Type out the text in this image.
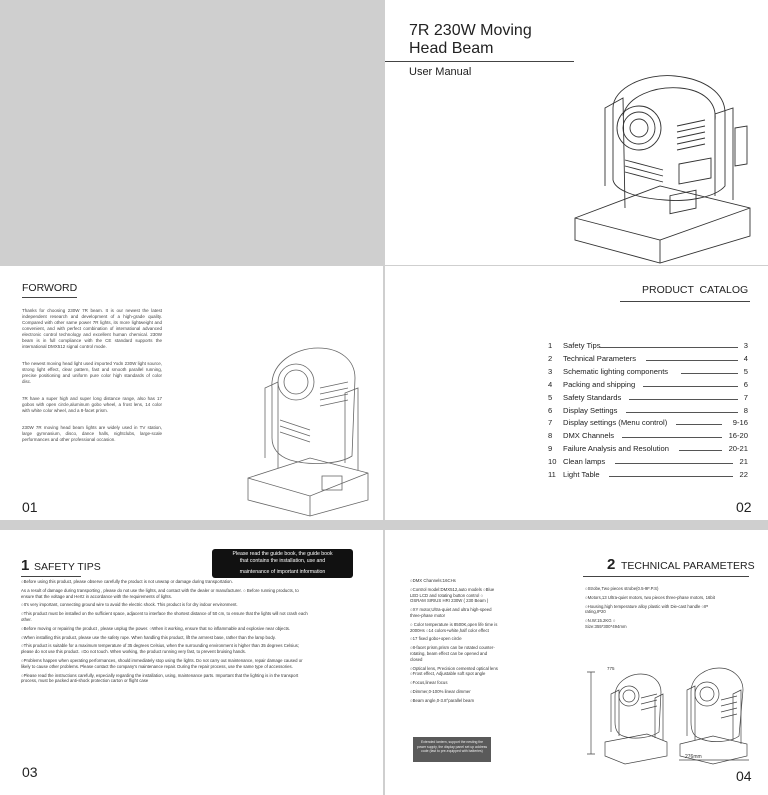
7R 230W Moving
Head Beam
User Manual
FORWORD

Thanks for choosing 230W 7R beam. It is our newest the latest independent research and development of a high-grade quality. Compared with other same power 7R lights, its more lightweight and convenient, and with perfect combination of international advanced electronic control technology and excellent human chemical. 230W beam is in full compliance with the CE standard supports the international DMX512 signal control mode.

The newest moving head light used imported Yodn 230W light source, strong light effect, clear pattern, fast and smooth parallel running, precise positioning and uniform pure color high standards of color disc.

7R have a super high and super long distance range, also has 17 gobos with open circle,aluminum gobo wheel, a frost lens, 14 color with white color wheel, and a 8-facet prism.

230W 7R moving head beam lights are widely used in TV station, large gymnasium, disco, dance halls, nightclubs, large-scale performances and other professional occasion.

01
PRODUCT  CATALOG
1	Safety Tips	3
2	Technical Parameters	4
3	Schematic lighting components	5
4	Packing and shipping	6
5	Safety Standards	7
6	Display Settings	8
7	Display settings (Menu control)	9-16
8	DMX Channels	16-20
9	Failure Analysis and Resolution	20-21
10 Clean lamps	21
11 Light Table	22
02
1 SAFETY TIPS
Please read the guide book, the guide book
that contains the installation, use and
maintenance of important information

○Before using this product, please observe carefully the product is not unwrap or damage during transportation.

As a result of damage during transporting , please do not use the lights, and contact with the dealer or manufacturer. ○ Before running products, to ensure that the voltage and Hertz in accordance with the requirements of lights.

○It's very important, connecting ground wire to avoid the electric shock. This product is for dry indoor environment.

○This product must be installed on the sufficient space, adjacent to interface the shortest distance of 50 cm, to ensure that the lights will not crash each other.

○Before moving or repairing the product , please unplug the power. ○When it working, ensure that no inflammable and explosive near objects.

○When installing this product, please use the safety rope. When handling this product, lift the armrest base, rather than the lamp body.

○This product is suitable for a maximum temperature of 35 degrees Celsius, when the surrounding environment is higher than 35 degrees Celsius; please do not use this product. ○Do not touch. When working, the product running very fast, to prevent bruising hands.

○Problems happen when operating performances, should immediately stop using the lights. Do not carry out maintenance, repair damage caused or likely to cause other problems. Please contact the company's maintenance repair. During the repair process, use the same type of accessories.

○Please read the instructions carefully, especially regarding the installation, using, maintenance parts. Important that the lighting is in the transport process, must be packed anti-shock protection carton or flight case

03
2 TECHNICAL PARAMETERS

○DMX Channels:16CHs

○Control model:DMX512,auto models ○Blue LED LCD and rotating button control ○ OSRAM SIRIUS HRI 230W ( 230 Beam )

○XY motor,Ultra-quiet and ultra high-speed three-phase motor

○ Color temperature is 8500K,open life time is 2000Hs ○14 colors+white,half color effect

○17 fixed gobo+open circle

○8-facet prism,prism can be rotated counter-rotating, beam effect can be opened and closed

○Optical lens, Precision cemented optical lens ○Frost effect, Adjustable soft spot angle

○Focus,linear focus

○Dimmer,0-100% linear dimmer

○Beam angle,0-3.8°parallel beam

Extended lantern, support the nesting the
power supply, the display panel set up address
code (fast to pre-equipped with batteries)

○Strobe,Two pieces strobe(0.5-9F.P.S)

○Motors,13 Ultra-quiet motors, two pieces three-phase motors, 16bit

○Housing,high temperature alloy plastic with Die-cast handle ○IP rating,IP20

○N.W:15.2KG ○ Size:355*300*494mm

775
276mm
04
